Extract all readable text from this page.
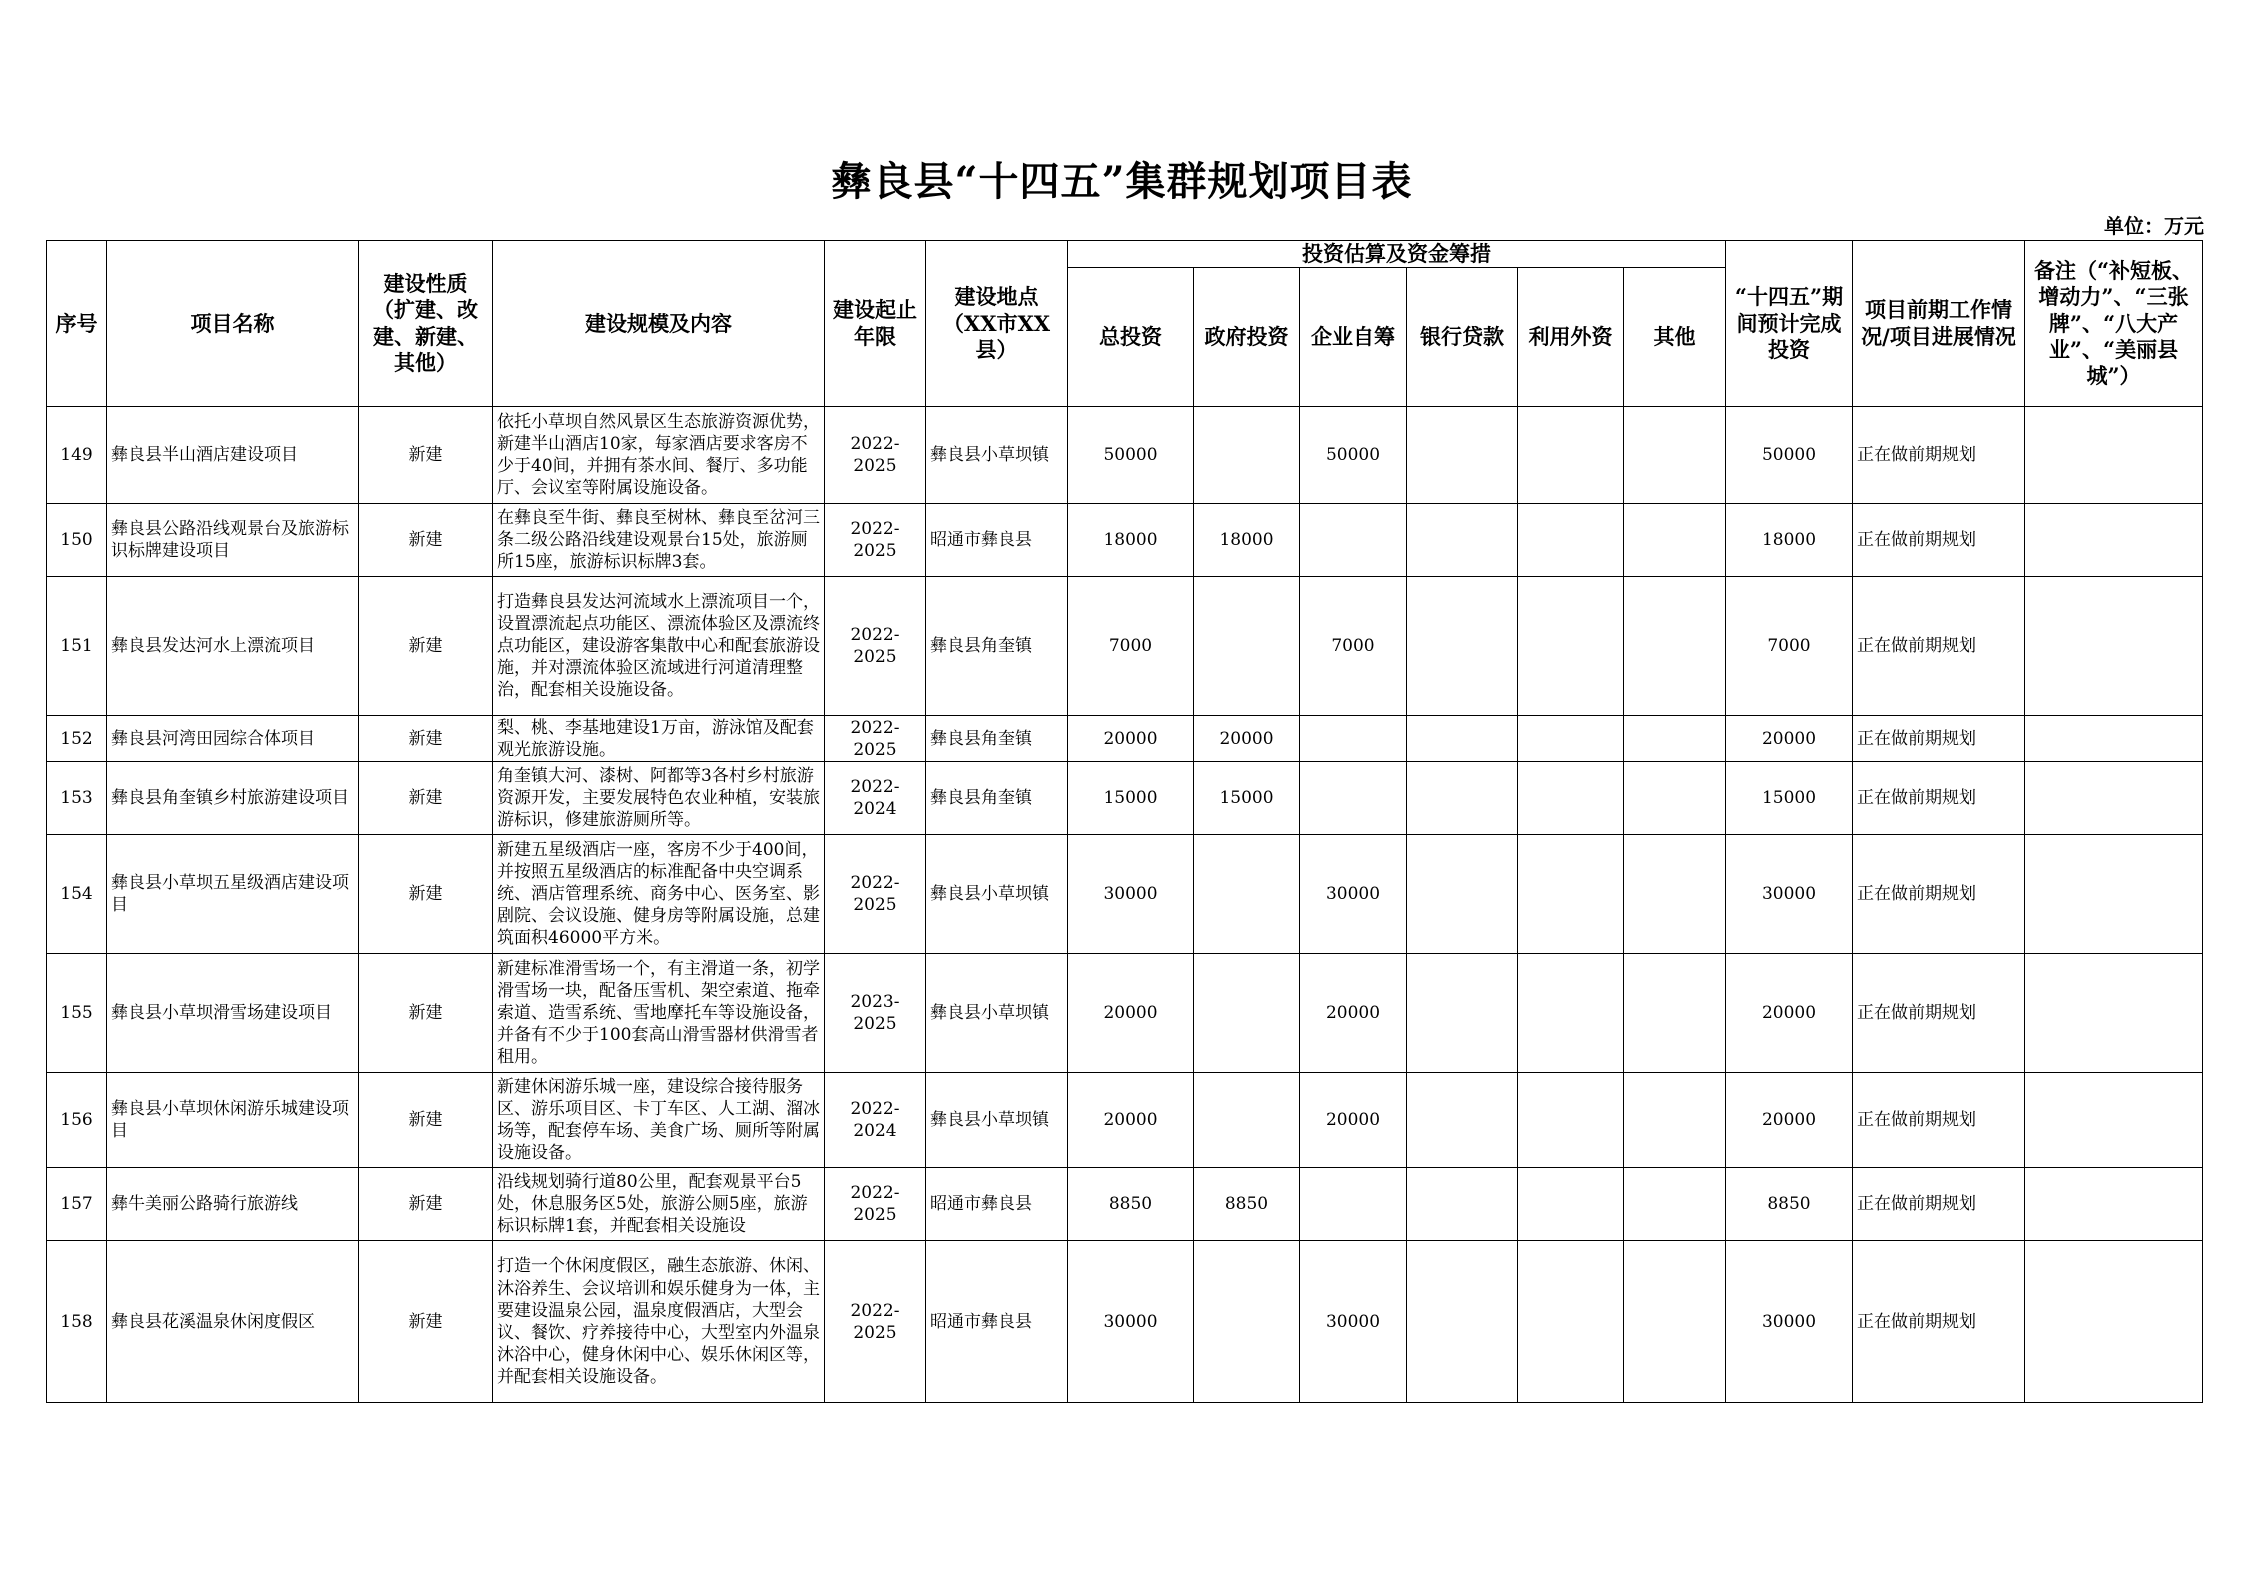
彝良县“十四五”集群规划项目表
单位：万元
序号	项目名称	建设性质（扩建、改建、新建、其他）	建设规模及内容	建设起止年限	建设地点（XX市XX县）	投资估算及资金筹措						“十四五”期间预计完成投资	项目前期工作情况/项目进展情况	备注（“补短板、增动力”、“三张牌”、“八大产业”、“美丽县城”）
						总投资	政府投资	企业自筹	银行贷款	利用外资	其他			
149	彝良县半山酒店建设项目	新建	依托小草坝自然风景区生态旅游资源优势，新建半山酒店10家，每家酒店要求客房不少于40间，并拥有茶水间、餐厅、多功能厅、会议室等附属设施设备。	2022-2025	彝良县小草坝镇	50000		50000				50000	正在做前期规划	
150	彝良县公路沿线观景台及旅游标识标牌建设项目	新建	在彝良至牛街、彝良至树林、彝良至岔河三条二级公路沿线建设观景台15处，旅游厕所15座，旅游标识标牌3套。	2022-2025	昭通市彝良县	18000	18000					18000	正在做前期规划	
151	彝良县发达河水上漂流项目	新建	打造彝良县发达河流域水上漂流项目一个，设置漂流起点功能区、漂流体验区及漂流终点功能区，建设游客集散中心和配套旅游设施，并对漂流体验区流域进行河道清理整治，配套相关设施设备。	2022-2025	彝良县角奎镇	7000		7000				7000	正在做前期规划	
152	彝良县河湾田园综合体项目	新建	梨、桃、李基地建设1万亩，游泳馆及配套观光旅游设施。	2022-2025	彝良县角奎镇	20000	20000					20000	正在做前期规划	
153	彝良县角奎镇乡村旅游建设项目	新建	角奎镇大河、漆树、阿都等3各村乡村旅游资源开发，主要发展特色农业种植，安装旅游标识，修建旅游厕所等。	2022-2024	彝良县角奎镇	15000	15000					15000	正在做前期规划	
154	彝良县小草坝五星级酒店建设项目	新建	新建五星级酒店一座，客房不少于400间，并按照五星级酒店的标准配备中央空调系统、酒店管理系统、商务中心、医务室、影剧院、会议设施、健身房等附属设施，总建筑面积46000平方米。	2022-2025	彝良县小草坝镇	30000		30000				30000	正在做前期规划	
155	彝良县小草坝滑雪场建设项目	新建	新建标准滑雪场一个，有主滑道一条，初学滑雪场一块，配备压雪机、架空索道、拖牵索道、造雪系统、雪地摩托车等设施设备，并备有不少于100套高山滑雪器材供滑雪者租用。	2023-2025	彝良县小草坝镇	20000		20000				20000	正在做前期规划	
156	彝良县小草坝休闲游乐城建设项目	新建	新建休闲游乐城一座，建设综合接待服务区、游乐项目区、卡丁车区、人工湖、溜冰场等，配套停车场、美食广场、厕所等附属设施设备。	2022-2024	彝良县小草坝镇	20000		20000				20000	正在做前期规划	
157	彝牛美丽公路骑行旅游线	新建	沿线规划骑行道80公里，配套观景平台5处，休息服务区5处，旅游公厕5座，旅游标识标牌1套，并配套相关设施设	2022-2025	昭通市彝良县	8850	8850					8850	正在做前期规划	
158	彝良县花溪温泉休闲度假区	新建	打造一个休闲度假区，融生态旅游、休闲、沐浴养生、会议培训和娱乐健身为一体，主要建设温泉公园，温泉度假酒店，大型会议、餐饮、疗养接待中心，大型室内外温泉沐浴中心，健身休闲中心、娱乐休闲区等，并配套相关设施设备。	2022-2025	昭通市彝良县	30000		30000				30000	正在做前期规划	
